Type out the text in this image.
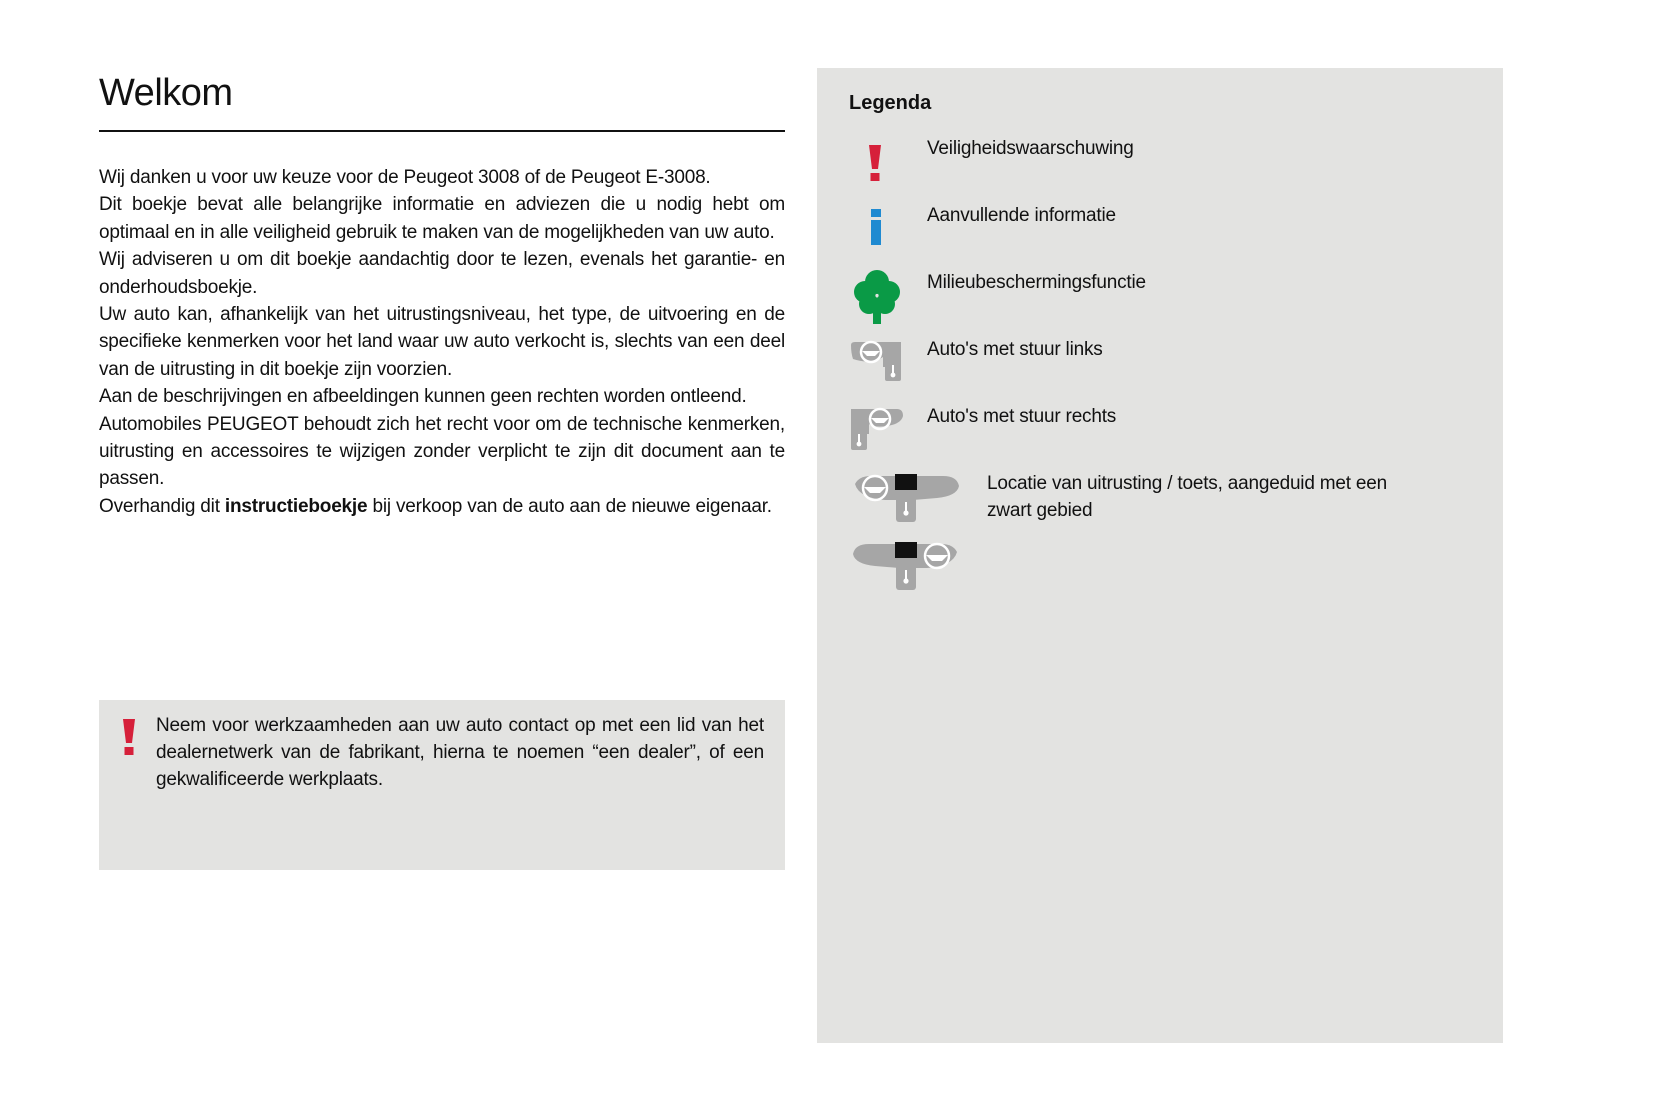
Welkom

Wij danken u voor uw keuze voor de Peugeot 3008 of de Peugeot E-3008.

Dit boekje bevat alle belangrijke informatie en adviezen die u nodig hebt om optimaal en in alle veiligheid gebruik te maken van de mogelijkheden van uw auto.

Wij adviseren u om dit boekje aandachtig door te lezen, evenals het garantie- en onderhoudsboekje.

Uw auto kan, afhankelijk van het uitrustingsniveau, het type, de uitvoering en de specifieke kenmerken voor het land waar uw auto verkocht is, slechts van een deel van de uitrusting in dit boekje zijn voorzien.

Aan de beschrijvingen en afbeeldingen kunnen geen rechten worden ontleend.

Automobiles PEUGEOT behoudt zich het recht voor om de technische kenmerken, uitrusting en accessoires te wijzigen zonder verplicht te zijn dit document aan te passen.

Overhandig dit instructieboekje bij verkoop van de auto aan de nieuwe eigenaar.

Neem voor werkzaamheden aan uw auto contact op met een lid van het dealernetwerk van de fabrikant, hierna te noemen “een dealer”, of een gekwalificeerde werkplaats.
Legenda
Veiligheidswaarschuwing
Aanvullende informatie
Milieubeschermingsfunctie
Auto's met stuur links
Auto's met stuur rechts
Locatie van uitrusting / toets, aangeduid met een zwart gebied
